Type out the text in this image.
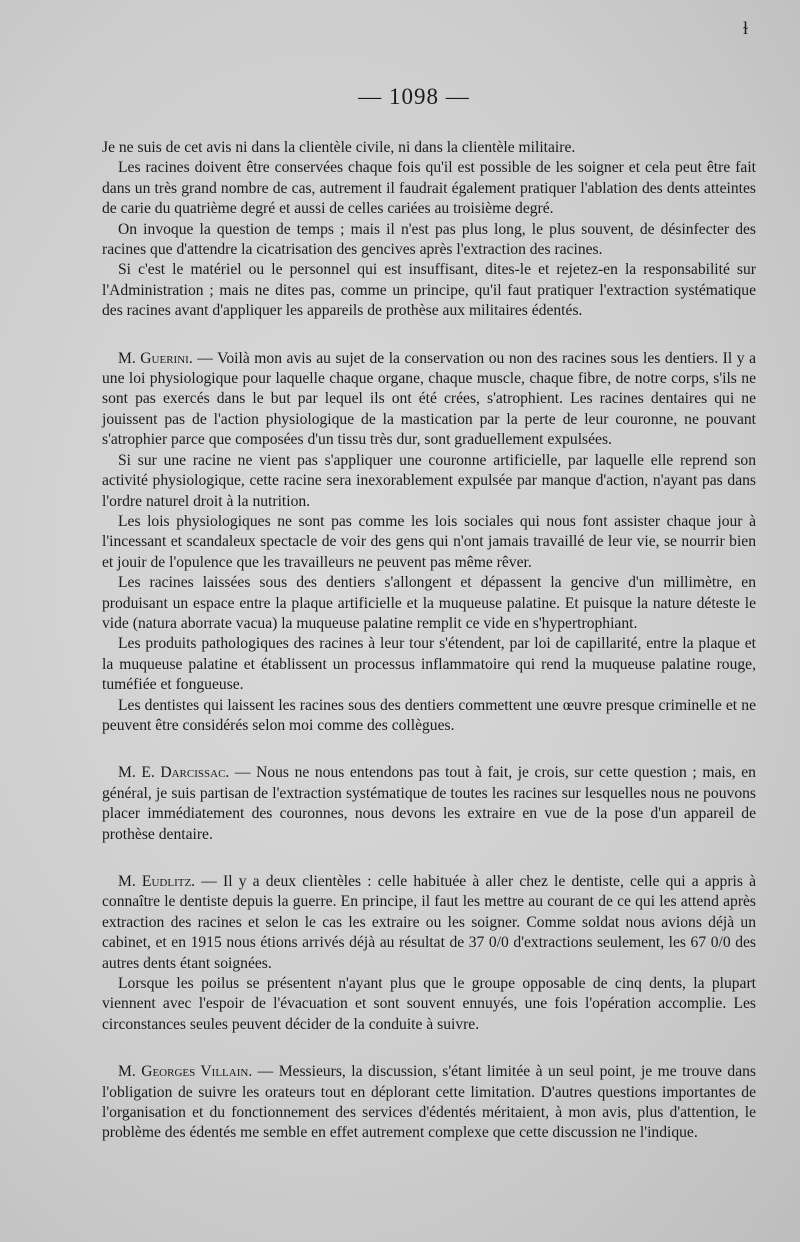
ɫ
— 1098 —

Je ne suis de cet avis ni dans la clientèle civile, ni dans la clientèle militaire.

Les racines doivent être conservées chaque fois qu'il est possible de les soigner et cela peut être fait dans un très grand nombre de cas, autrement il faudrait également pratiquer l'ablation des dents atteintes de carie du quatrième degré et aussi de celles cariées au troisième degré.

On invoque la question de temps ; mais il n'est pas plus long, le plus souvent, de désinfecter des racines que d'attendre la cicatrisation des gencives après l'extraction des racines.

Si c'est le matériel ou le personnel qui est insuffisant, dites-le et rejetez-en la responsabilité sur l'Administration ; mais ne dites pas, comme un principe, qu'il faut pratiquer l'extraction systématique des racines avant d'appliquer les appareils de prothèse aux militaires édentés.

M. Guerini. — Voilà mon avis au sujet de la conservation ou non des racines sous les dentiers. Il y a une loi physiologique pour laquelle chaque organe, chaque muscle, chaque fibre, de notre corps, s'ils ne sont pas exercés dans le but par lequel ils ont été crées, s'atrophient. Les racines dentaires qui ne jouissent pas de l'action physiologique de la mastication par la perte de leur couronne, ne pouvant s'atrophier parce que composées d'un tissu très dur, sont graduellement expulsées.

Si sur une racine ne vient pas s'appliquer une couronne artificielle, par laquelle elle reprend son activité physiologique, cette racine sera inexorablement expulsée par manque d'action, n'ayant pas dans l'ordre naturel droit à la nutrition.

Les lois physiologiques ne sont pas comme les lois sociales qui nous font assister chaque jour à l'incessant et scandaleux spectacle de voir des gens qui n'ont jamais travaillé de leur vie, se nourrir bien et jouir de l'opulence que les travailleurs ne peuvent pas même rêver.

Les racines laissées sous des dentiers s'allongent et dépassent la gencive d'un millimètre, en produisant un espace entre la plaque artificielle et la muqueuse palatine. Et puisque la nature déteste le vide (natura aborrate vacua) la muqueuse palatine remplit ce vide en s'hypertrophiant.

Les produits pathologiques des racines à leur tour s'étendent, par loi de capillarité, entre la plaque et la muqueuse palatine et établissent un processus inflammatoire qui rend la muqueuse palatine rouge, tuméfiée et fongueuse.

Les dentistes qui laissent les racines sous des dentiers commettent une œuvre presque criminelle et ne peuvent être considérés selon moi comme des collègues.

M. E. Darcissac. — Nous ne nous entendons pas tout à fait, je crois, sur cette question ; mais, en général, je suis partisan de l'extraction systématique de toutes les racines sur lesquelles nous ne pouvons placer immédiatement des couronnes, nous devons les extraire en vue de la pose d'un appareil de prothèse dentaire.

M. Eudlitz. — Il y a deux clientèles : celle habituée à aller chez le dentiste, celle qui a appris à connaître le dentiste depuis la guerre. En principe, il faut les mettre au courant de ce qui les attend après extraction des racines et selon le cas les extraire ou les soigner. Comme soldat nous avions déjà un cabinet, et en 1915 nous étions arrivés déjà au résultat de 37 0/0 d'extractions seulement, les 67 0/0 des autres dents étant soignées.

Lorsque les poilus se présentent n'ayant plus que le groupe opposable de cinq dents, la plupart viennent avec l'espoir de l'évacuation et sont souvent ennuyés, une fois l'opération accomplie. Les circonstances seules peuvent décider de la conduite à suivre.

M. Georges Villain. — Messieurs, la discussion, s'étant limitée à un seul point, je me trouve dans l'obligation de suivre les orateurs tout en déplorant cette limitation. D'autres questions importantes de l'organisation et du fonctionnement des services d'édentés méritaient, à mon avis, plus d'attention, le problème des édentés me semble en effet autrement complexe que cette discussion ne l'indique.
